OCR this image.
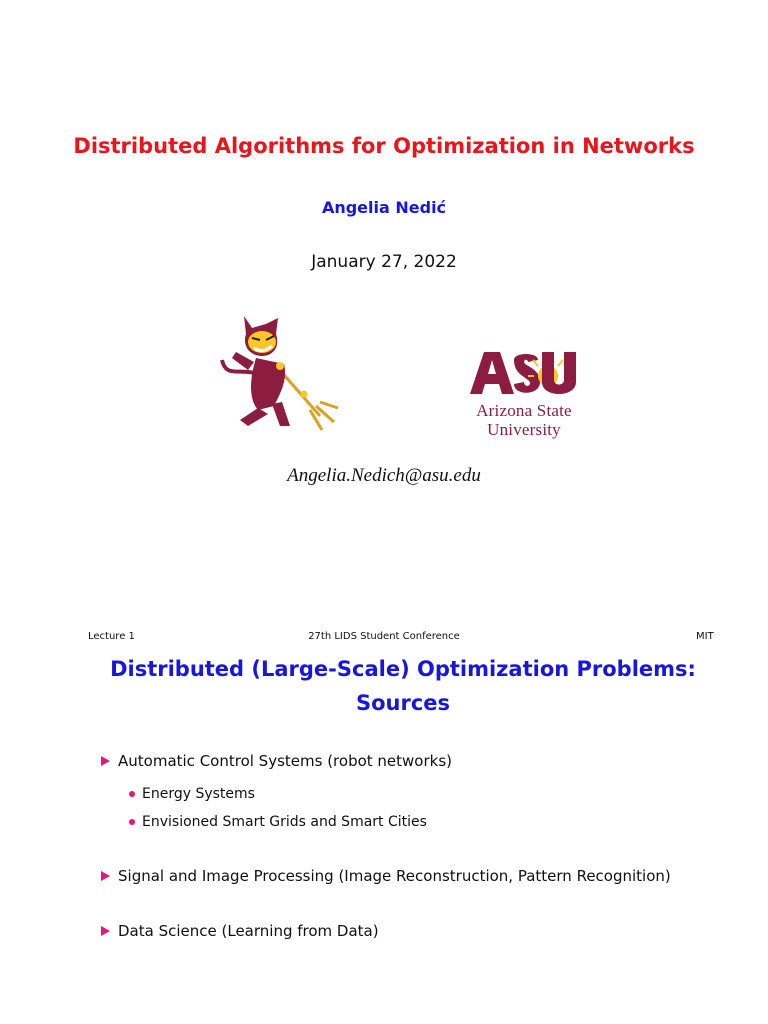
Distributed Algorithms for Optimization in Networks
Angelia Nedić
January 27, 2022
Arizona State
University
Angelia.Nedich@asu.edu
Lecture 1	27th LIDS Student Conference	MIT
Distributed (Large-Scale) Optimization Problems:
Sources
Automatic Control Systems (robot networks)
Energy Systems
Envisioned Smart Grids and Smart Cities
Signal and Image Processing (Image Reconstruction, Pattern Recognition)
Data Science (Learning from Data)
